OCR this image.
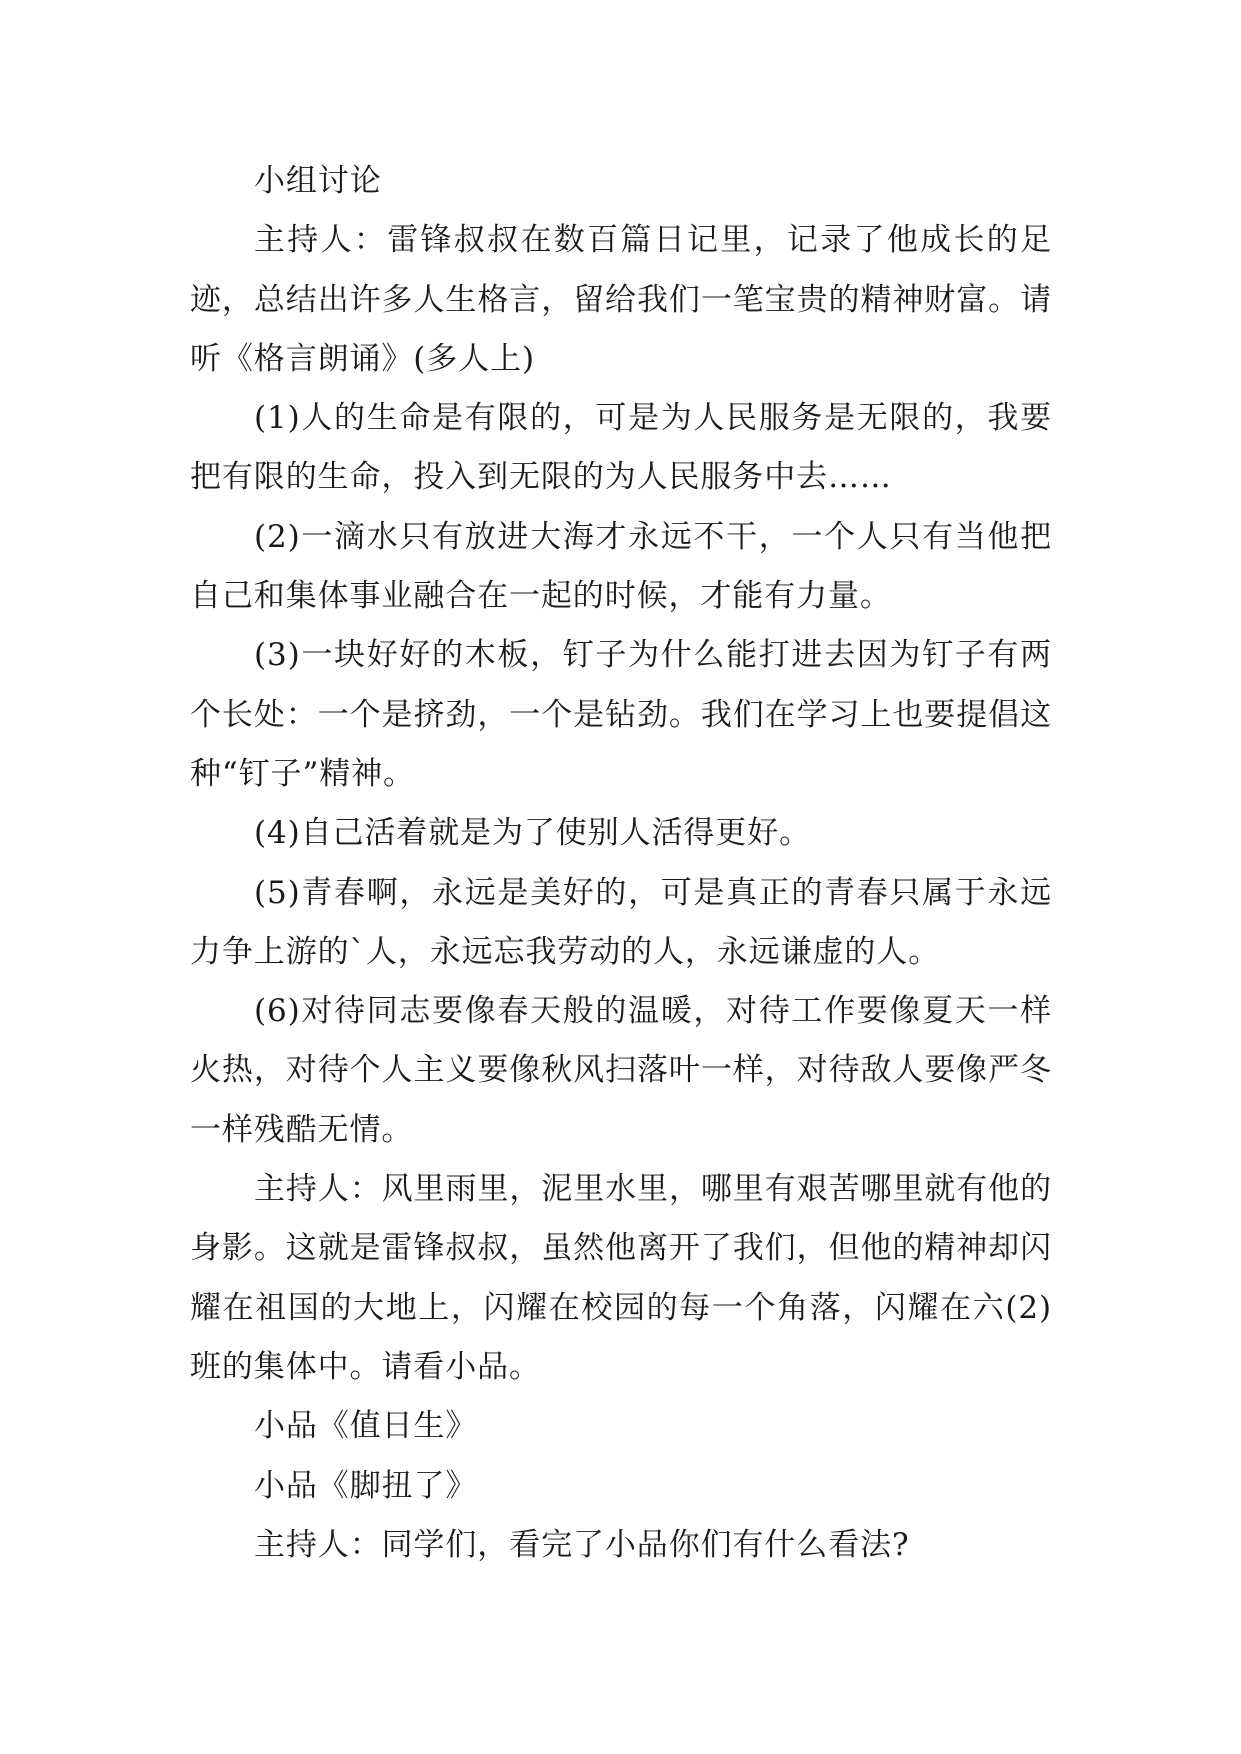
小组讨论

主持人：雷锋叔叔在数百篇日记里，记录了他成长的足迹，总结出许多人生格言，留给我们一笔宝贵的精神财富。请听《格言朗诵》(多人上)

(1)人的生命是有限的，可是为人民服务是无限的，我要把有限的生命，投入到无限的为人民服务中去……

(2)一滴水只有放进大海才永远不干，一个人只有当他把自己和集体事业融合在一起的时候，才能有力量。

(3)一块好好的木板，钉子为什么能打进去因为钉子有两个长处：一个是挤劲，一个是钻劲。我们在学习上也要提倡这种“钉子”精神。

(4)自己活着就是为了使别人活得更好。

(5)青春啊，永远是美好的，可是真正的青春只属于永远力争上游的`人，永远忘我劳动的人，永远谦虚的人。

(6)对待同志要像春天般的温暖，对待工作要像夏天一样火热，对待个人主义要像秋风扫落叶一样，对待敌人要像严冬一样残酷无情。

主持人：风里雨里，泥里水里，哪里有艰苦哪里就有他的身影。这就是雷锋叔叔，虽然他离开了我们，但他的精神却闪耀在祖国的大地上，闪耀在校园的每一个角落，闪耀在六(2)班的集体中。请看小品。

小品《值日生》

小品《脚扭了》

主持人：同学们，看完了小品你们有什么看法?
